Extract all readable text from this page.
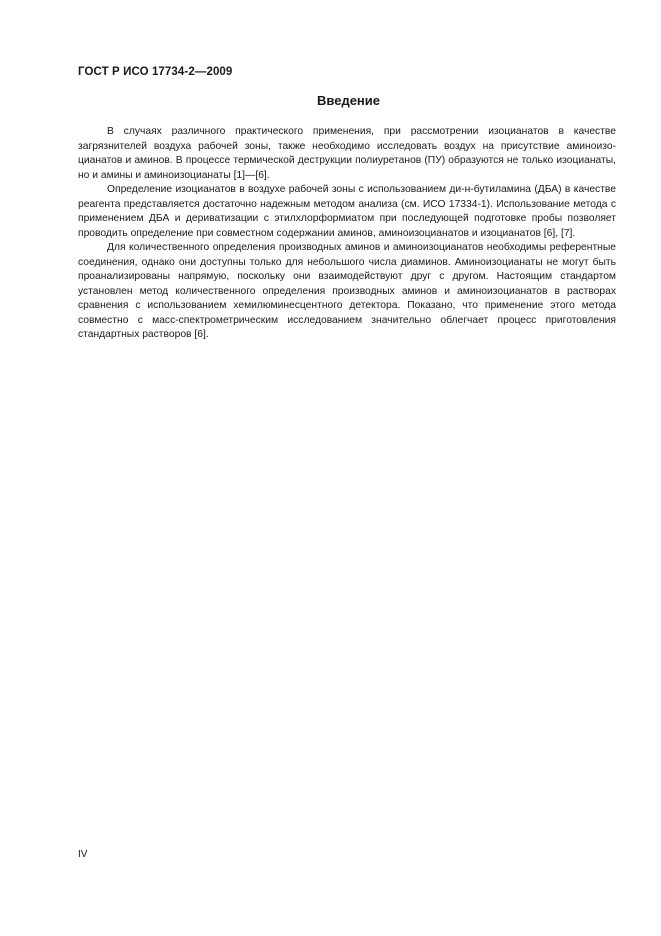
ГОСТ Р ИСО 17734-2—2009
Введение

В случаях различного практического применения, при рассмотрении изоцианатов в качестве загрязнителей воздуха рабочей зоны, также необходимо исследовать воздух на присутствие аминоизоцианатов и аминов. В процессе термической деструкции полиуретанов (ПУ) образуются не только изоцианаты, но и амины и аминоизоцианаты [1]—[6].

Определение изоцианатов в воздухе рабочей зоны с использованием ди-н-бутиламина (ДБА) в качестве реагента представляется достаточно надежным методом анализа (см. ИСО 17334-1). Использование метода с применением ДБА и дериватизации с этилхлорформиатом при последующей подготовке пробы позволяет проводить определение при совместном содержании аминов, аминоизоцианатов и изоцианатов [6], [7].

Для количественного определения производных аминов и аминоизоцианатов необходимы референтные соединения, однако они доступны только для небольшого числа диаминов. Аминоизоцианаты не могут быть проанализированы напрямую, поскольку они взаимодействуют друг с другом. Настоящим стандартом установлен метод количественного определения производных аминов и аминоизоцианатов в растворах сравнения с использованием хемилюминесцентного детектора. Показано, что применение этого метода совместно с масс-спектрометрическим исследованием значительно облегчает процесс приготовления стандартных растворов [6].

IV
